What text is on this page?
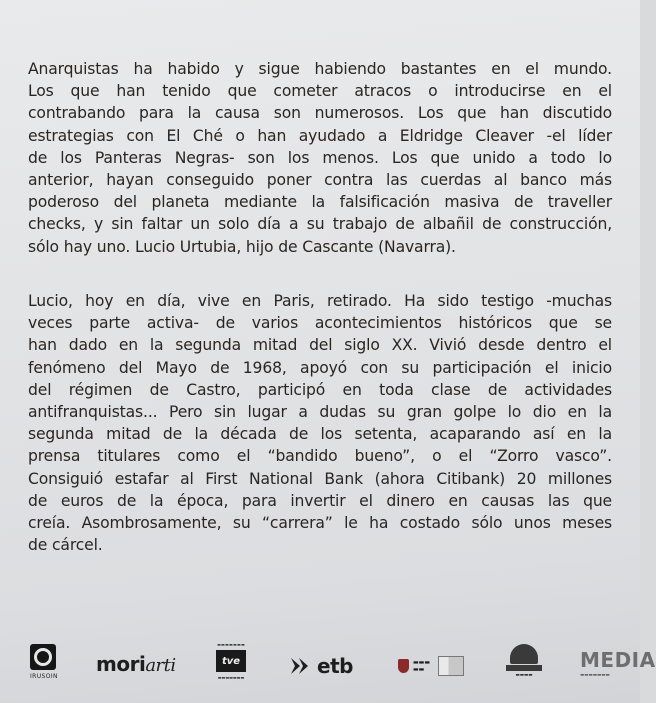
Anarquistas ha habido y sigue habiendo bastantes en el mundo.
Los que han tenido que cometer atracos o introducirse en el
contrabando para la causa son numerosos. Los que han discutido
estrategias con El Ché o han ayudado a Eldridge Cleaver -el líder
de los Panteras Negras- son los menos. Los que unido a todo lo
anterior, hayan conseguido poner contra las cuerdas al banco más
poderoso del planeta mediante la falsificación masiva de traveller
checks, y sin faltar un solo día a su trabajo de albañil de construcción,
sólo hay uno. Lucio Urtubia, hijo de Cascante (Navarra).
Lucio, hoy en día, vive en Paris, retirado. Ha sido testigo -muchas
veces parte activa- de varios acontecimientos históricos que se
han dado en la segunda mitad del siglo XX. Vivió desde dentro el
fenómeno del Mayo de 1968, apoyó con su participación el inicio
del régimen de Castro, participó en toda clase de actividades
antifranquistas... Pero sin lugar a dudas su gran golpe lo dio en la
segunda mitad de la década de los setenta, acaparando así en la
prensa titulares como el “bandido bueno”, o el “Zorro vasco”.
Consiguió estafar al First National Bank (ahora Citibank) 20 millones
de euros de la época, para invertir el dinero en causas las que
creía. Asombrosamente, su “carrera” le ha costado sólo unos meses
de cárcel.
IRUSOIN
moriarti
▬▬▬▬▬▬▬
tve
▬▬▬▬▬▬▬	etb	▬▬▬ ▬▬
▬▬▬▬
MEDIA
▬▬▬▬▬▬▬
